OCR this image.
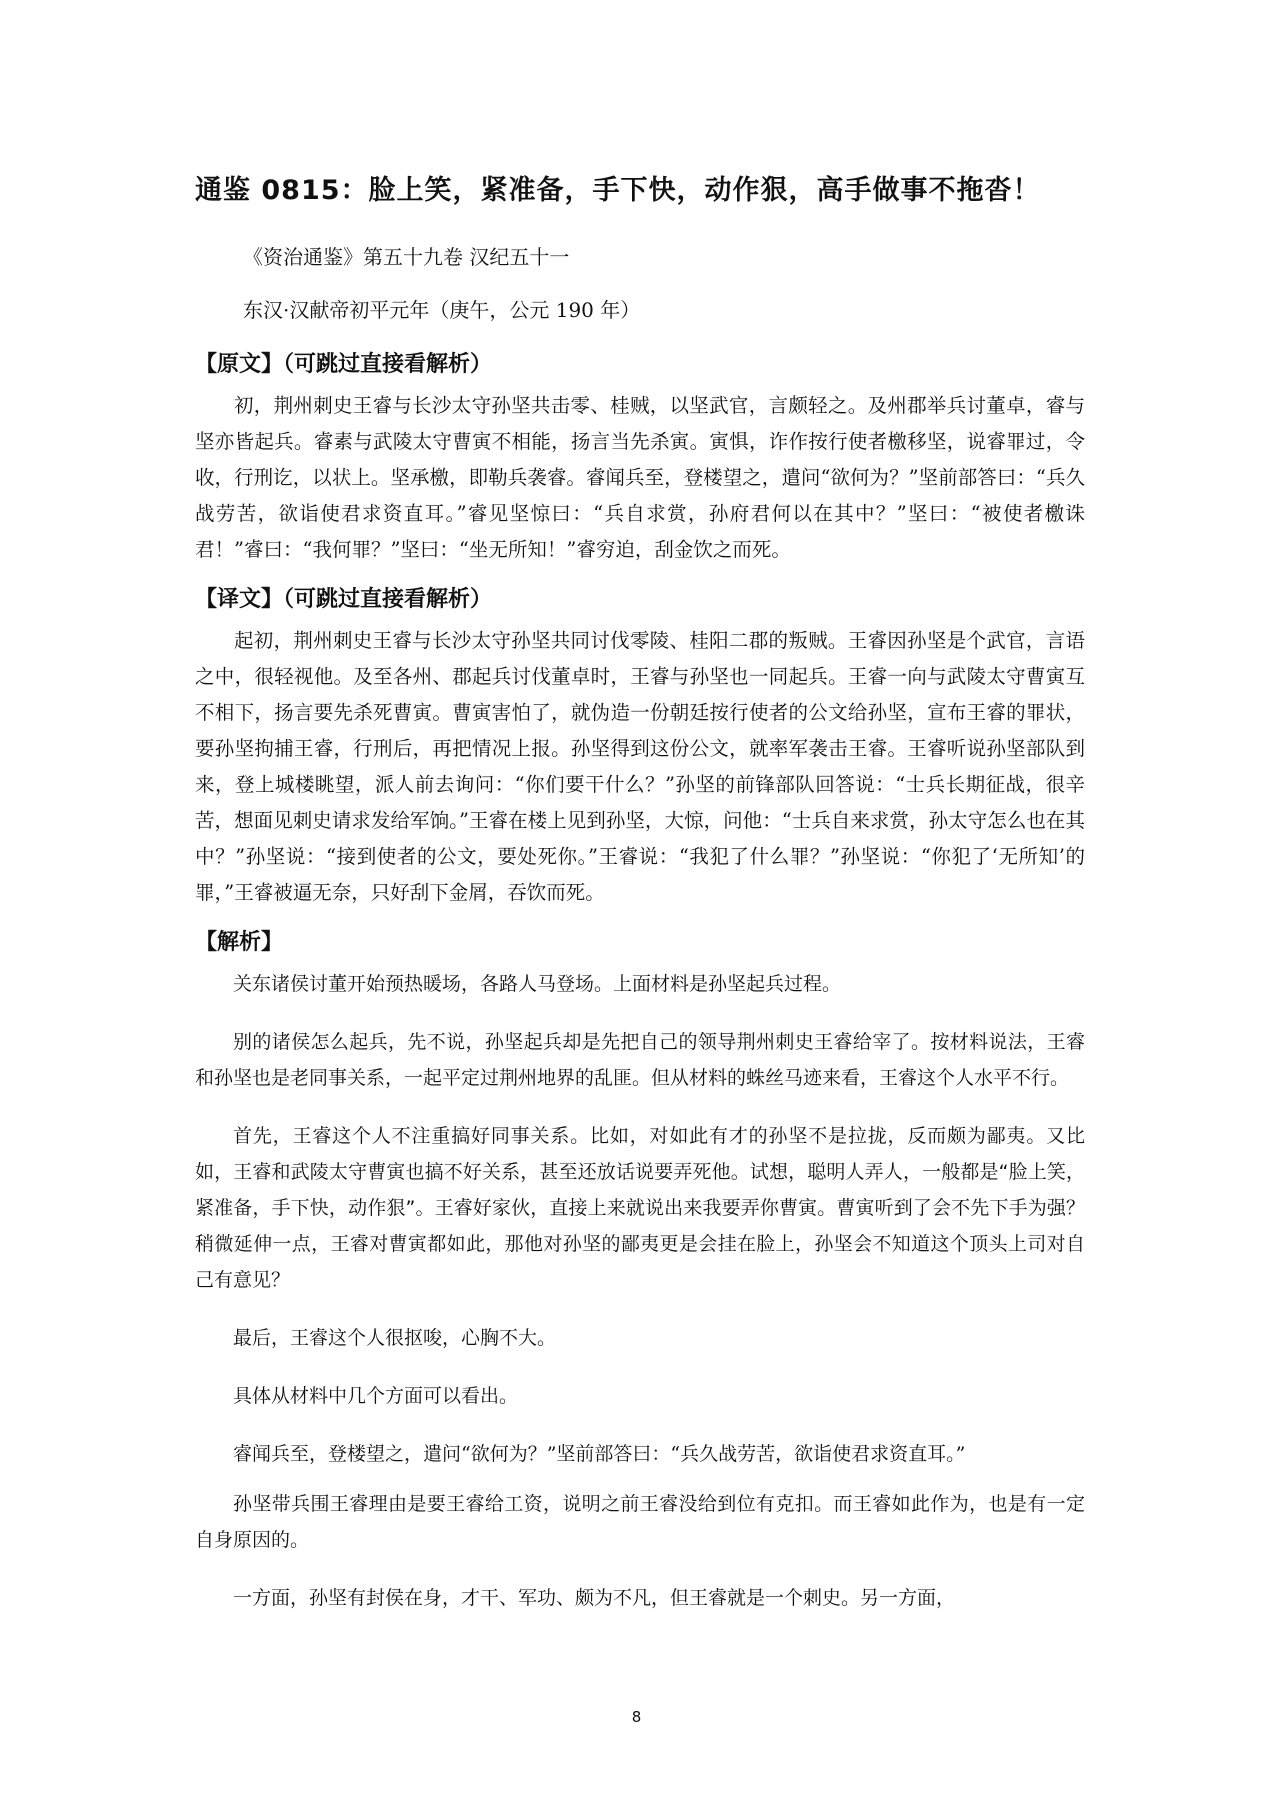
通鉴 0815：脸上笑，紧准备，手下快，动作狠，高手做事不拖沓！
《资治通鉴》第五十九卷 汉纪五十一
东汉·汉献帝初平元年（庚午，公元 190 年）
【原文】（可跳过直接看解析）

初，荆州刺史王睿与长沙太守孙坚共击零、桂贼，以坚武官，言颇轻之。及州郡举兵讨董卓，睿与坚亦皆起兵。睿素与武陵太守曹寅不相能，扬言当先杀寅。寅惧，诈作按行使者檄移坚，说睿罪过，令收，行刑讫，以状上。坚承檄，即勒兵袭睿。睿闻兵至，登楼望之，遣问“欲何为？”坚前部答曰：“兵久战劳苦，欲诣使君求资直耳。”睿见坚惊曰：“兵自求赏，孙府君何以在其中？”坚曰：“被使者檄诛君！”睿曰：“我何罪？”坚曰：“坐无所知！”睿穷迫，刮金饮之而死。

【译文】（可跳过直接看解析）

起初，荆州刺史王睿与长沙太守孙坚共同讨伐零陵、桂阳二郡的叛贼。王睿因孙坚是个武官，言语之中，很轻视他。及至各州、郡起兵讨伐董卓时，王睿与孙坚也一同起兵。王睿一向与武陵太守曹寅互不相下，扬言要先杀死曹寅。曹寅害怕了，就伪造一份朝廷按行使者的公文给孙坚，宣布王睿的罪状，要孙坚拘捕王睿，行刑后，再把情况上报。孙坚得到这份公文，就率军袭击王睿。王睿听说孙坚部队到来，登上城楼眺望，派人前去询问：“你们要干什么？”孙坚的前锋部队回答说：“士兵长期征战，很辛苦，想面见刺史请求发给军饷。”王睿在楼上见到孙坚，大惊，问他：“士兵自来求赏，孙太守怎么也在其中？”孙坚说：“接到使者的公文，要处死你。”王睿说：“我犯了什么罪？”孙坚说：“你犯了‘无所知’的罪，”王睿被逼无奈，只好刮下金屑，吞饮而死。

【解析】

关东诸侯讨董开始预热暖场，各路人马登场。上面材料是孙坚起兵过程。

别的诸侯怎么起兵，先不说，孙坚起兵却是先把自己的领导荆州刺史王睿给宰了。按材料说法，王睿和孙坚也是老同事关系，一起平定过荆州地界的乱匪。但从材料的蛛丝马迹来看，王睿这个人水平不行。

首先，王睿这个人不注重搞好同事关系。比如，对如此有才的孙坚不是拉拢，反而颇为鄙夷。又比如，王睿和武陵太守曹寅也搞不好关系，甚至还放话说要弄死他。试想，聪明人弄人，一般都是“脸上笑，紧准备，手下快，动作狠”。王睿好家伙，直接上来就说出来我要弄你曹寅。曹寅听到了会不先下手为强？稍微延伸一点，王睿对曹寅都如此，那他对孙坚的鄙夷更是会挂在脸上，孙坚会不知道这个顶头上司对自己有意见？

最后，王睿这个人很抠唆，心胸不大。

具体从材料中几个方面可以看出。

睿闻兵至，登楼望之，遣问“欲何为？”坚前部答曰：“兵久战劳苦，欲诣使君求资直耳。”

孙坚带兵围王睿理由是要王睿给工资，说明之前王睿没给到位有克扣。而王睿如此作为，也是有一定自身原因的。

一方面，孙坚有封侯在身，才干、军功、颇为不凡，但王睿就是一个刺史。另一方面，

8
